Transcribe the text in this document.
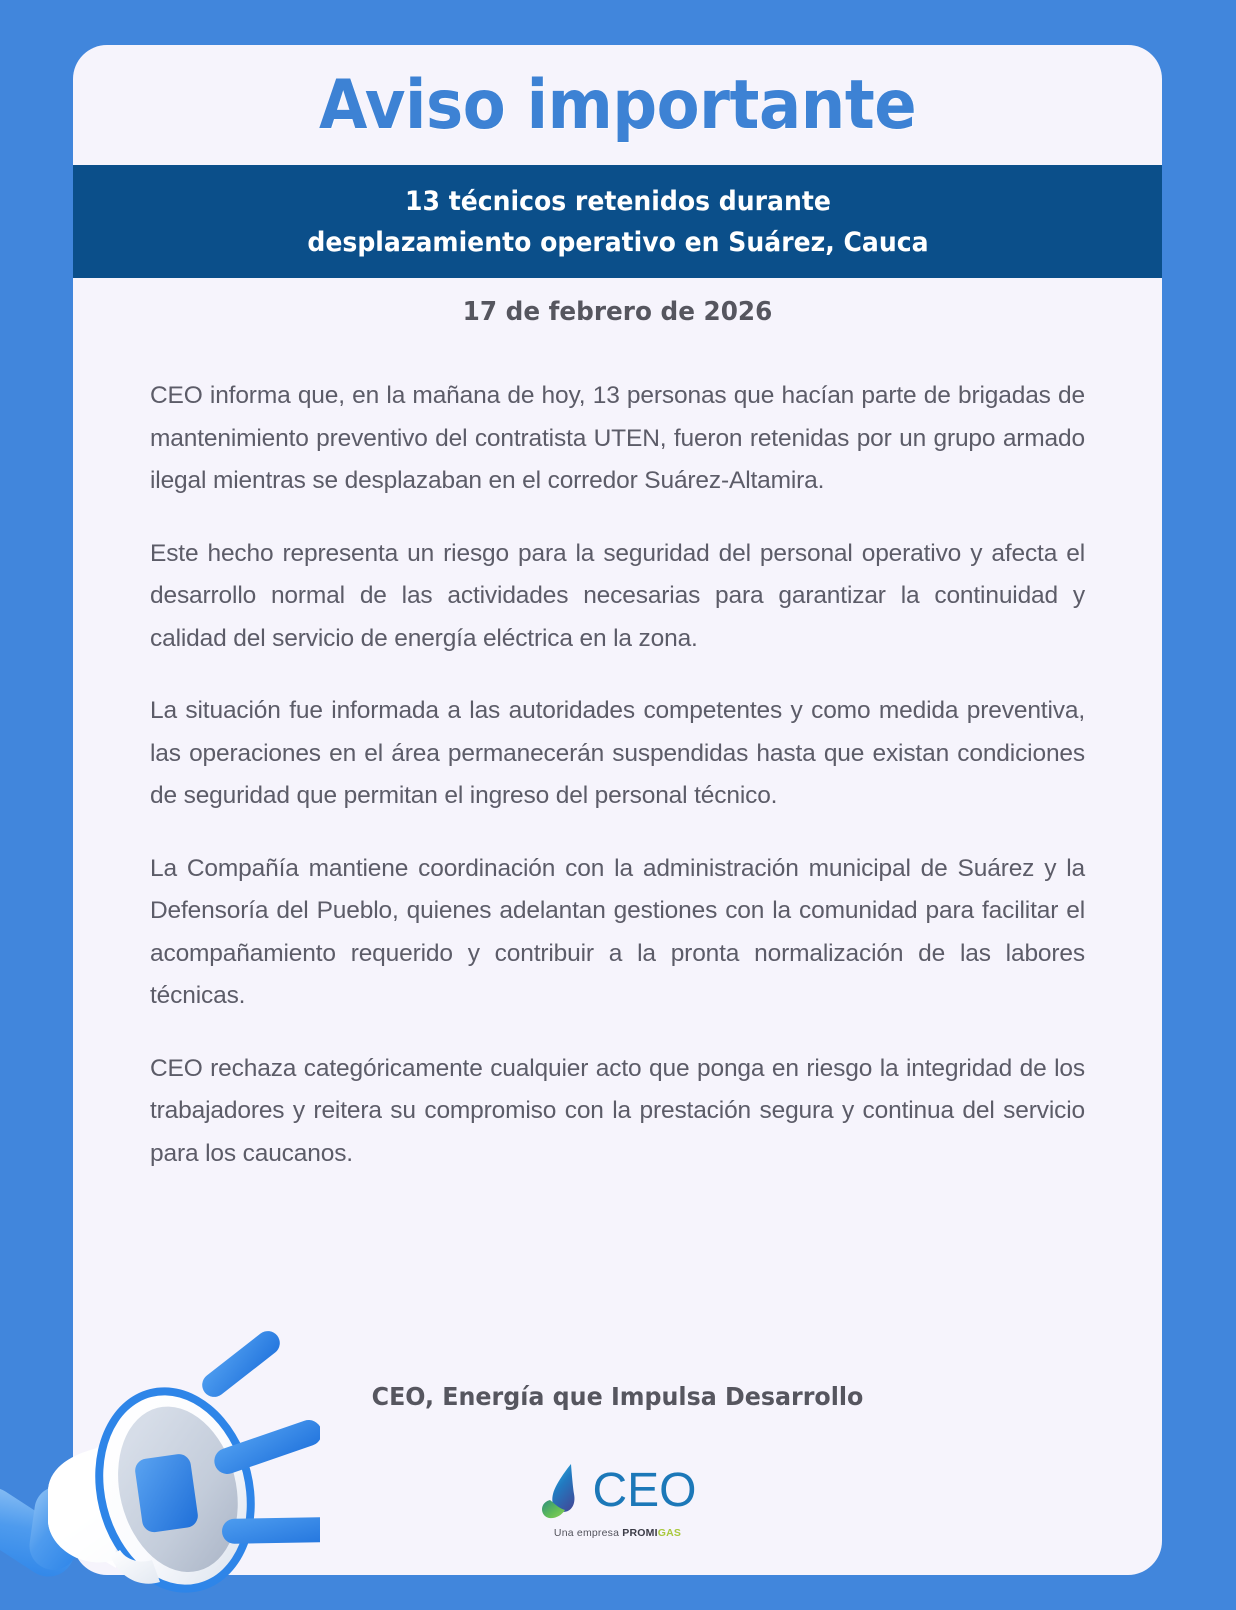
Aviso importante
13 técnicos retenidos durante
desplazamiento operativo en Suárez, Cauca
17 de febrero de 2026

CEO informa que, en la mañana de hoy, 13 personas que hacían parte de brigadas de mantenimiento preventivo del contratista UTEN, fueron retenidas por un grupo armado ilegal mientras se desplazaban en el corredor Suárez-Altamira.

Este hecho representa un riesgo para la seguridad del personal operativo y afecta el desarrollo normal de las actividades necesarias para garantizar la continuidad y calidad del servicio de energía eléctrica en la zona.

La situación fue informada a las autoridades competentes y como medida preventiva, las operaciones en el área permanecerán suspendidas hasta que existan condiciones de seguridad que permitan el ingreso del personal técnico.

La Compañía mantiene coordinación con la administración municipal de Suárez y la Defensoría del Pueblo, quienes adelantan gestiones con la comunidad para facilitar el acompañamiento requerido y contribuir a la pronta normalización de las labores técnicas.

CEO rechaza categóricamente cualquier acto que ponga en riesgo la integridad de los trabajadores y reitera su compromiso con la prestación segura y continua del servicio para los caucanos.

CEO, Energía que Impulsa Desarrollo
CEO
Una empresa PROMIGAS
